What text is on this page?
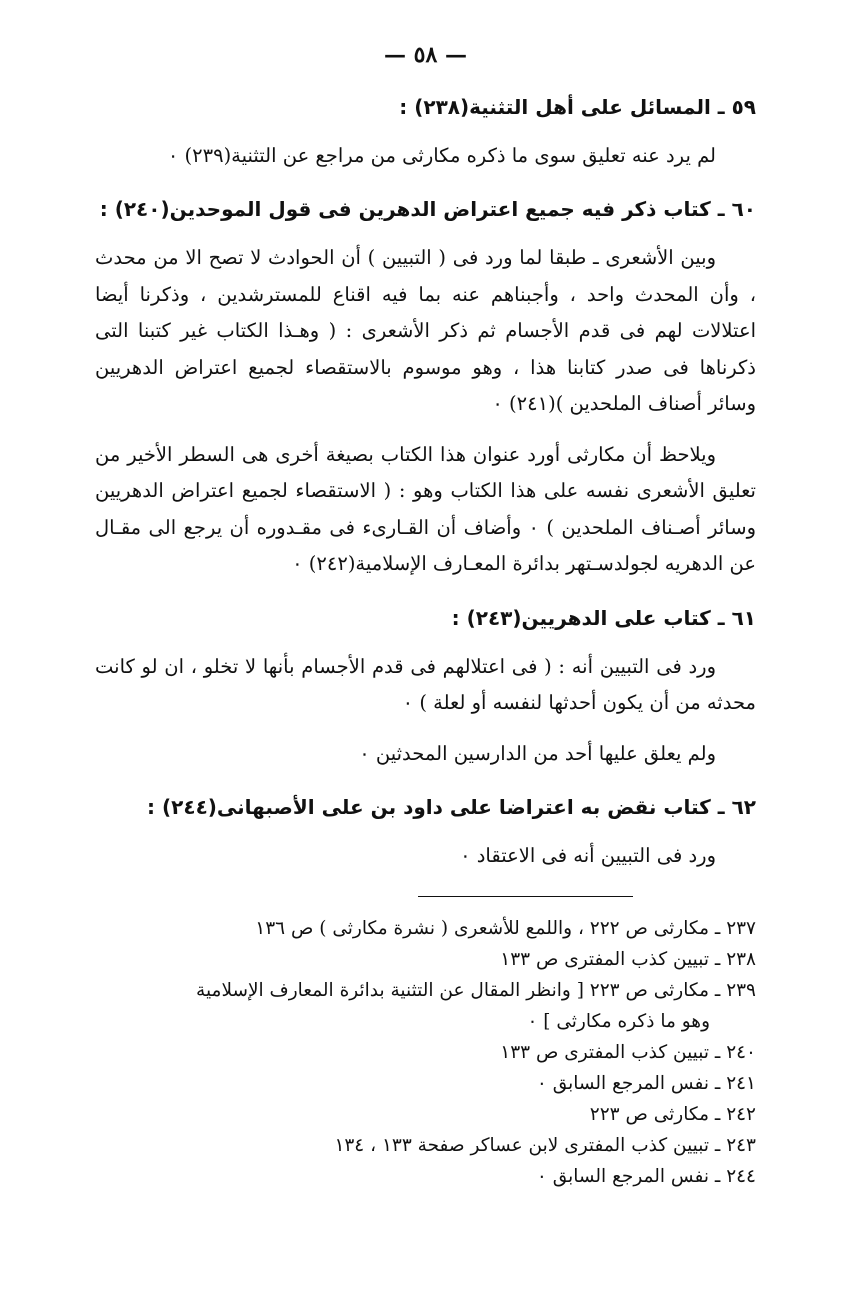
— ٥٨ —

٥٩ ـ المسائل على أهل التثنية(٢٣٨) :

لم يرد عنه تعليق سوى ما ذكره مكارثى من مراجع عن التثنية(٢٣٩) ٠

٦٠ ـ كتاب ذكر فيه جميع اعتراض الدهرين فى قول الموحدين(٢٤٠) :

وبين الأشعرى ـ طبقا لما ورد فى ( التبيين ) أن الحوادث لا تصح الا من محدث ، وأن المحدث واحد ، وأجبناهم عنه بما فيه اقناع للمسترشدين ، وذكرنا أيضا اعتلالات لهم فى قدم الأجسام ثم ذكر الأشعرى : ( وهـذا الكتاب غير كتبنا التى ذكرناها فى صدر كتابنا هذا ، وهو موسوم بالاستقصاء لجميع اعتراض الدهريين وسائر أصناف الملحدين )(٢٤١) ٠

ويلاحظ أن مكارثى أورد عنوان هذا الكتاب بصيغة أخرى هى السطر الأخير من تعليق الأشعرى نفسه على هذا الكتاب وهو : ( الاستقصاء لجميع اعتراض الدهريين وسائر أصـناف الملحدين ) ٠ وأضاف أن القـارىء فى مقـدوره أن يرجع الى مقـال عن الدهريه لجولدسـتهر بدائرة المعـارف الإسلامية(٢٤٢) ٠

٦١ ـ كتاب على الدهريين(٢٤٣) :

ورد فى التبيين أنه : ( فى اعتلالهم فى قدم الأجسام بأنها لا تخلو ، ان لو كانت محدثه من أن يكون أحدثها لنفسه أو لعلة ) ٠

ولم يعلق عليها أحد من الدارسين المحدثين ٠

٦٢ ـ كتاب نقض به اعتراضا على داود بن على الأصبهانى(٢٤٤) :

ورد فى التبيين أنه فى الاعتقاد ٠

٢٣٧ ـ مكارثى ص ٢٢٢ ، واللمع للأشعرى ( نشرة مكارثى ) ص ١٣٦

٢٣٨ ـ تبيين كذب المفترى ص ١٣٣

٢٣٩ ـ مكارثى ص ٢٢٣ [ وانظر المقال عن التثنية بدائرة المعارف الإسلامية

وهو ما ذكره مكارثى ] ٠

٢٤٠ ـ تبيين كذب المفترى ص ١٣٣

٢٤١ ـ نفس المرجع السابق ٠

٢٤٢ ـ مكارثى ص ٢٢٣

٢٤٣ ـ تبيين كذب المفترى لابن عساكر صفحة ١٣٣ ، ١٣٤

٢٤٤ ـ نفس المرجع السابق ٠
